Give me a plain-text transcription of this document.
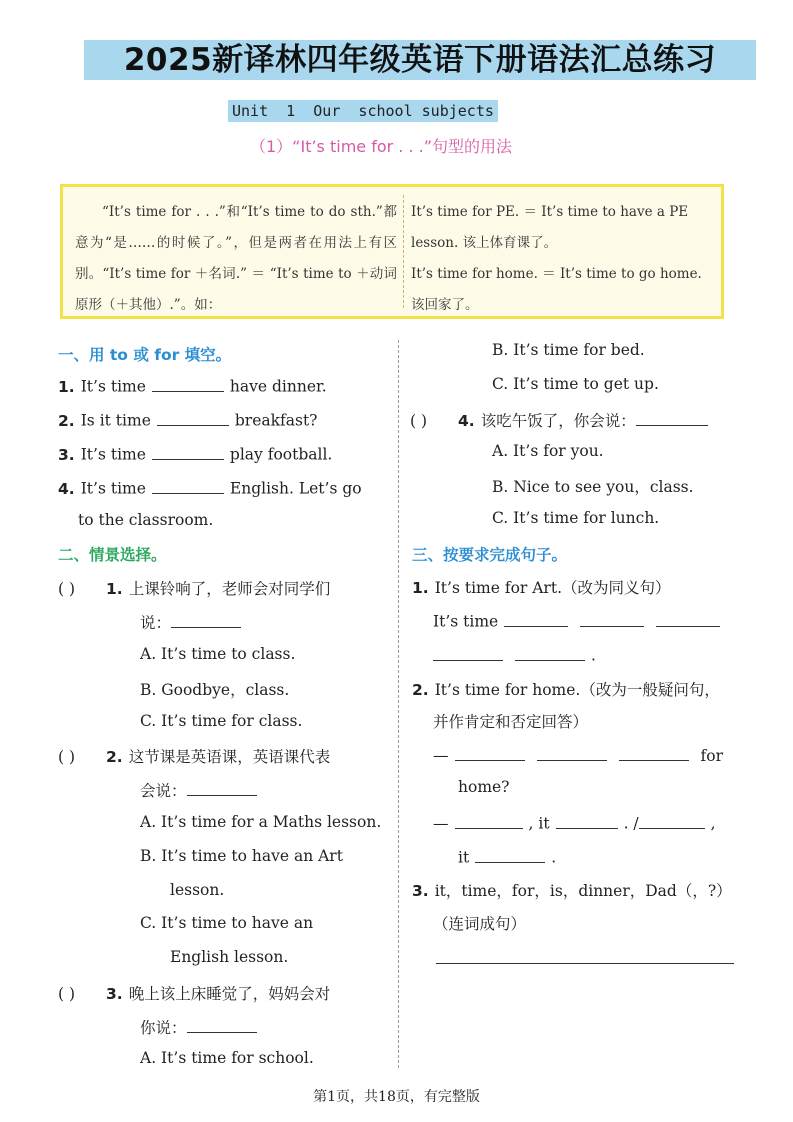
2025新译林四年级英语下册语法汇总练习
Unit  1  Our  school subjects
（1）“It’s time for . . .”句型的用法

“It’s time for . . .”和“It’s time to do sth.”都意为“是……的时候了。”，但是两者在用法上有区别。“It’s time for ＋名词.” ＝ “It’s time to ＋动词原形（＋其他）.”。如：

It’s time for PE. ＝ It’s time to have a PE
lesson. 该上体育课了。
It’s time for home. ＝ It’s time to go home.
该回家了。
一、用 to 或 for 填空。
1. It’s time	have dinner.
2. Is it time	breakfast?
3. It’s time	play football.
4. It’s time	English. Let’s go
to the classroom.
二、情景选择。
( ) 1. 上课铃响了，老师会对同学们
说：
A. It’s time to class.
B. Goodbye，class.
C. It’s time for class.
( ) 2. 这节课是英语课，英语课代表
会说：
A. It’s time for a Maths lesson.
B. It’s time to have an Art
lesson.
C. It’s time to have an
English lesson.
( ) 3. 晚上该上床睡觉了，妈妈会对
你说：
A. It’s time for school.
B. It’s time for bed.
C. It’s time to get up.
( ) 4. 该吃午饭了，你会说：
A. It’s for you.
B. Nice to see you，class.
C. It’s time for lunch.
三、按要求完成句子。
1. It’s time for Art.（改为同义句）
It’s time
.
2. It’s time for home.（改为一般疑问句，
并作肯定和否定回答）
—	for
home?
—	, it	. /	,
it	.
3. it，time，for，is，dinner，Dad（，?）
（连词成句）
第1页，共18页，有完整版
